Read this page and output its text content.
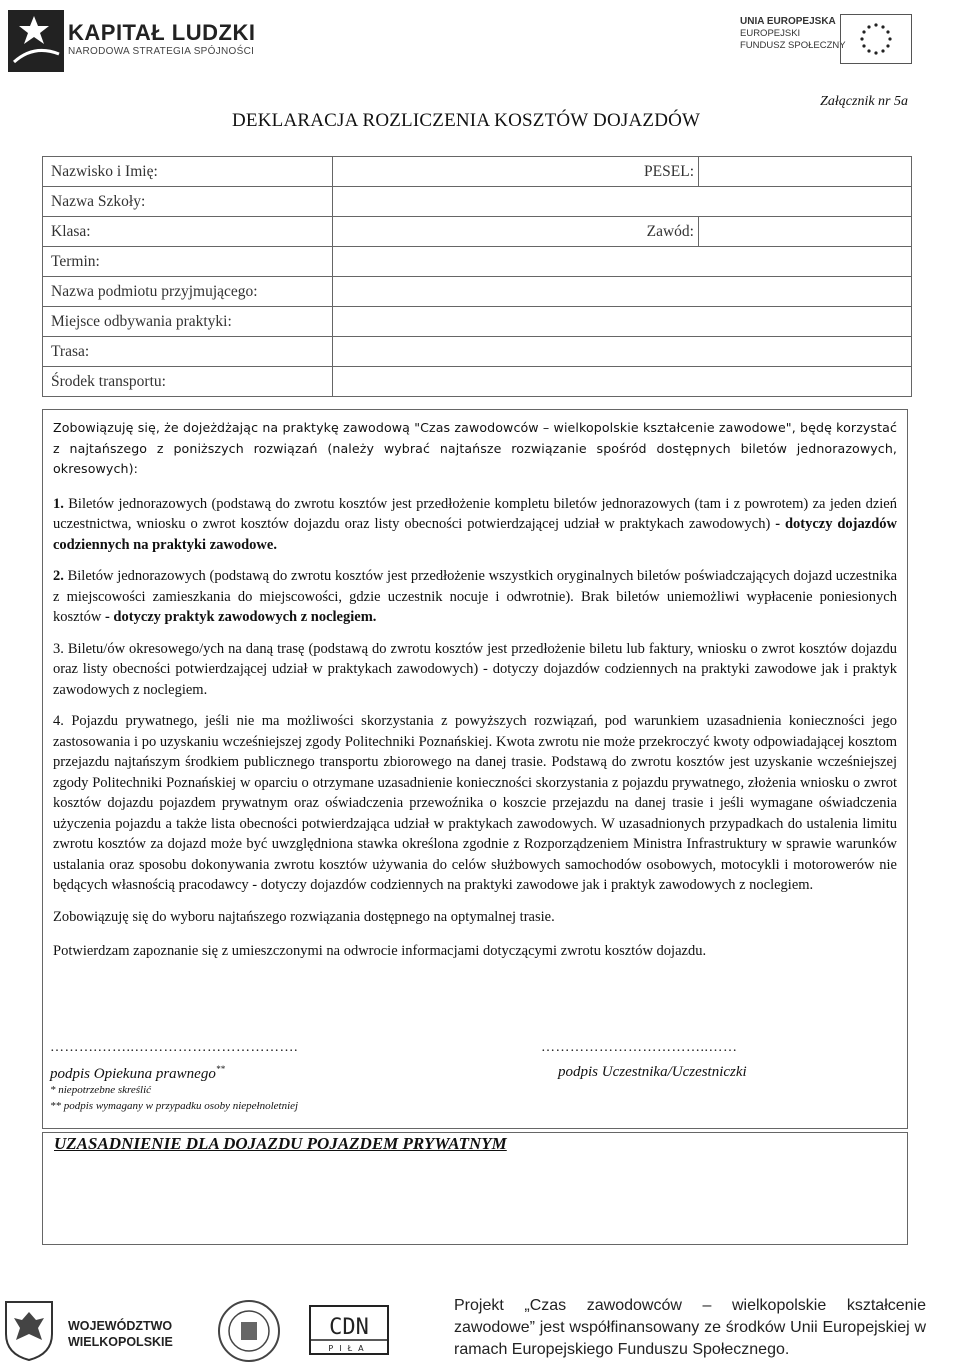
KAPITAŁ LUDZKI
NARODOWA STRATEGIA SPÓJNOŚCI
UNIA EUROPEJSKA
EUROPEJSKI
FUNDUSZ SPOŁECZNY
Załącznik nr 5a
DEKLARACJA ROZLICZENIA KOSZTÓW DOJAZDÓW
Nazwisko i Imię:	PESEL:	
Nazwa Szkoły:		
Klasa:	Zawód:	
Termin:		
Nazwa podmiotu przyjmującego:		
Miejsce odbywania praktyki:		
Trasa:		
Środek transportu:		

Zobowiązuję się, że dojeżdżając na praktykę zawodową "Czas zawodowców – wielkopolskie kształcenie zawodowe", będę korzystać z najtańszego z poniższych rozwiązań (należy wybrać najtańsze rozwiązanie spośród dostępnych biletów jednorazowych, okresowych):

1. Biletów jednorazowych (podstawą do zwrotu kosztów jest przedłożenie kompletu biletów jednorazowych (tam i z powrotem) za jeden dzień uczestnictwa, wniosku o zwrot kosztów dojazdu oraz listy obecności potwierdzającej udział w praktykach zawodowych) - dotyczy dojazdów codziennych na praktyki zawodowe.

2. Biletów jednorazowych (podstawą do zwrotu kosztów jest przedłożenie wszystkich oryginalnych biletów poświadczających dojazd uczestnika z miejscowości zamieszkania do miejscowości, gdzie uczestnik nocuje i odwrotnie). Brak biletów uniemożliwi wypłacenie poniesionych kosztów - dotyczy praktyk zawodowych z noclegiem.

3. Biletu/ów okresowego/ych na daną trasę (podstawą do zwrotu kosztów jest przedłożenie biletu lub faktury, wniosku o zwrot kosztów dojazdu oraz listy obecności potwierdzającej udział w praktykach zawodowych) - dotyczy dojazdów codziennych na praktyki zawodowe jak i praktyk zawodowych z noclegiem.

4. Pojazdu prywatnego, jeśli nie ma możliwości skorzystania z powyższych rozwiązań, pod warunkiem uzasadnienia konieczności jego zastosowania i po uzyskaniu wcześniejszej zgody Politechniki Poznańskiej. Kwota zwrotu nie może przekroczyć kwoty odpowiadającej kosztom przejazdu najtańszym środkiem publicznego transportu zbiorowego na danej trasie. Podstawą do zwrotu kosztów jest uzyskanie wcześniejszej zgody Politechniki Poznańskiej w oparciu o otrzymane uzasadnienie konieczności skorzystania z pojazdu prywatnego, złożenia wniosku o zwrot kosztów dojazdu pojazdem prywatnym oraz oświadczenia przewoźnika o koszcie przejazdu na danej trasie i jeśli wymagane oświadczenia użyczenia pojazdu a także lista obecności potwierdzająca udział w praktykach zawodowych. W uzasadnionych przypadkach do ustalenia limitu zwrotu kosztów za dojazd może być uwzględniona stawka określona zgodnie z Rozporządzeniem Ministra Infrastruktury w sprawie warunków ustalania oraz sposobu dokonywania zwrotu kosztów używania do celów służbowych samochodów osobowych, motocykli i motorowerów nie będących własnością pracodawcy - dotyczy dojazdów codziennych na praktyki zawodowe jak i praktyk zawodowych z noclegiem.

Zobowiązuję się do wyboru najtańszego rozwiązania dostępnego na optymalnej trasie.

Potwierdzam zapoznanie się z umieszczonymi na odwrocie informacjami dotyczącymi zwrotu kosztów dojazdu.

……….……..…………………………….	……………………………..……
podpis Opiekuna prawnego**	podpis Uczestnika/Uczestniczki
* niepotrzebne skreślić
** podpis wymagany w przypadku osoby niepełnoletniej
UZASADNIENIE DLA DOJAZDU POJAZDEM PRYWATNYM
WOJEWÓDZTWO
WIELKOPOLSKIE
CDN
PIŁA
Projekt „Czas zawodowców – wielkopolskie kształcenie zawodowe” jest współfinansowany ze środków Unii Europejskiej w ramach Europejskiego Funduszu Społecznego.
